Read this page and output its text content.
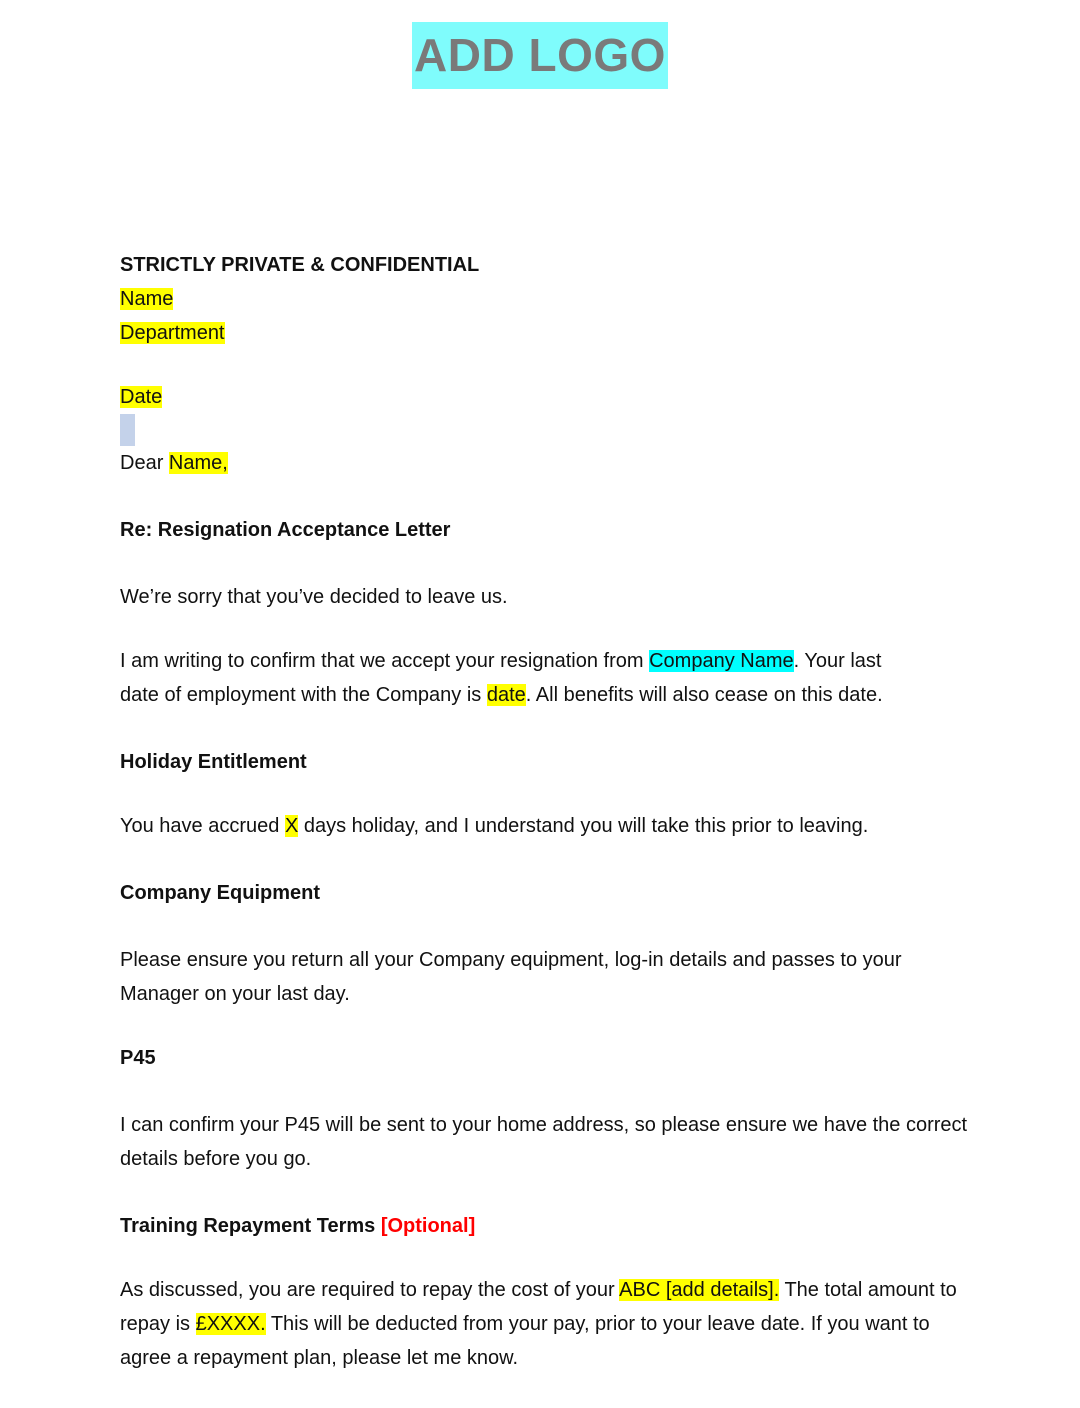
ADD LOGO

STRICTLY PRIVATE & CONFIDENTIAL

Name

Department

Date

Dear Name,

Re: Resignation Acceptance Letter

We’re sorry that you’ve decided to leave us.

I am writing to confirm that we accept your resignation from Company Name. Your last

date of employment with the Company is date. All benefits will also cease on this date.

Holiday Entitlement

You have accrued X days holiday, and I understand you will take this prior to leaving.

Company Equipment

Please ensure you return all your Company equipment, log-in details and passes to your

Manager on your last day.

P45

I can confirm your P45 will be sent to your home address, so please ensure we have the correct

details before you go.

Training Repayment Terms [Optional]

As discussed, you are required to repay the cost of your ABC [add details]. The total amount to

repay is £XXXX. This will be deducted from your pay, prior to your leave date. If you want to

agree a repayment plan, please let me know.
